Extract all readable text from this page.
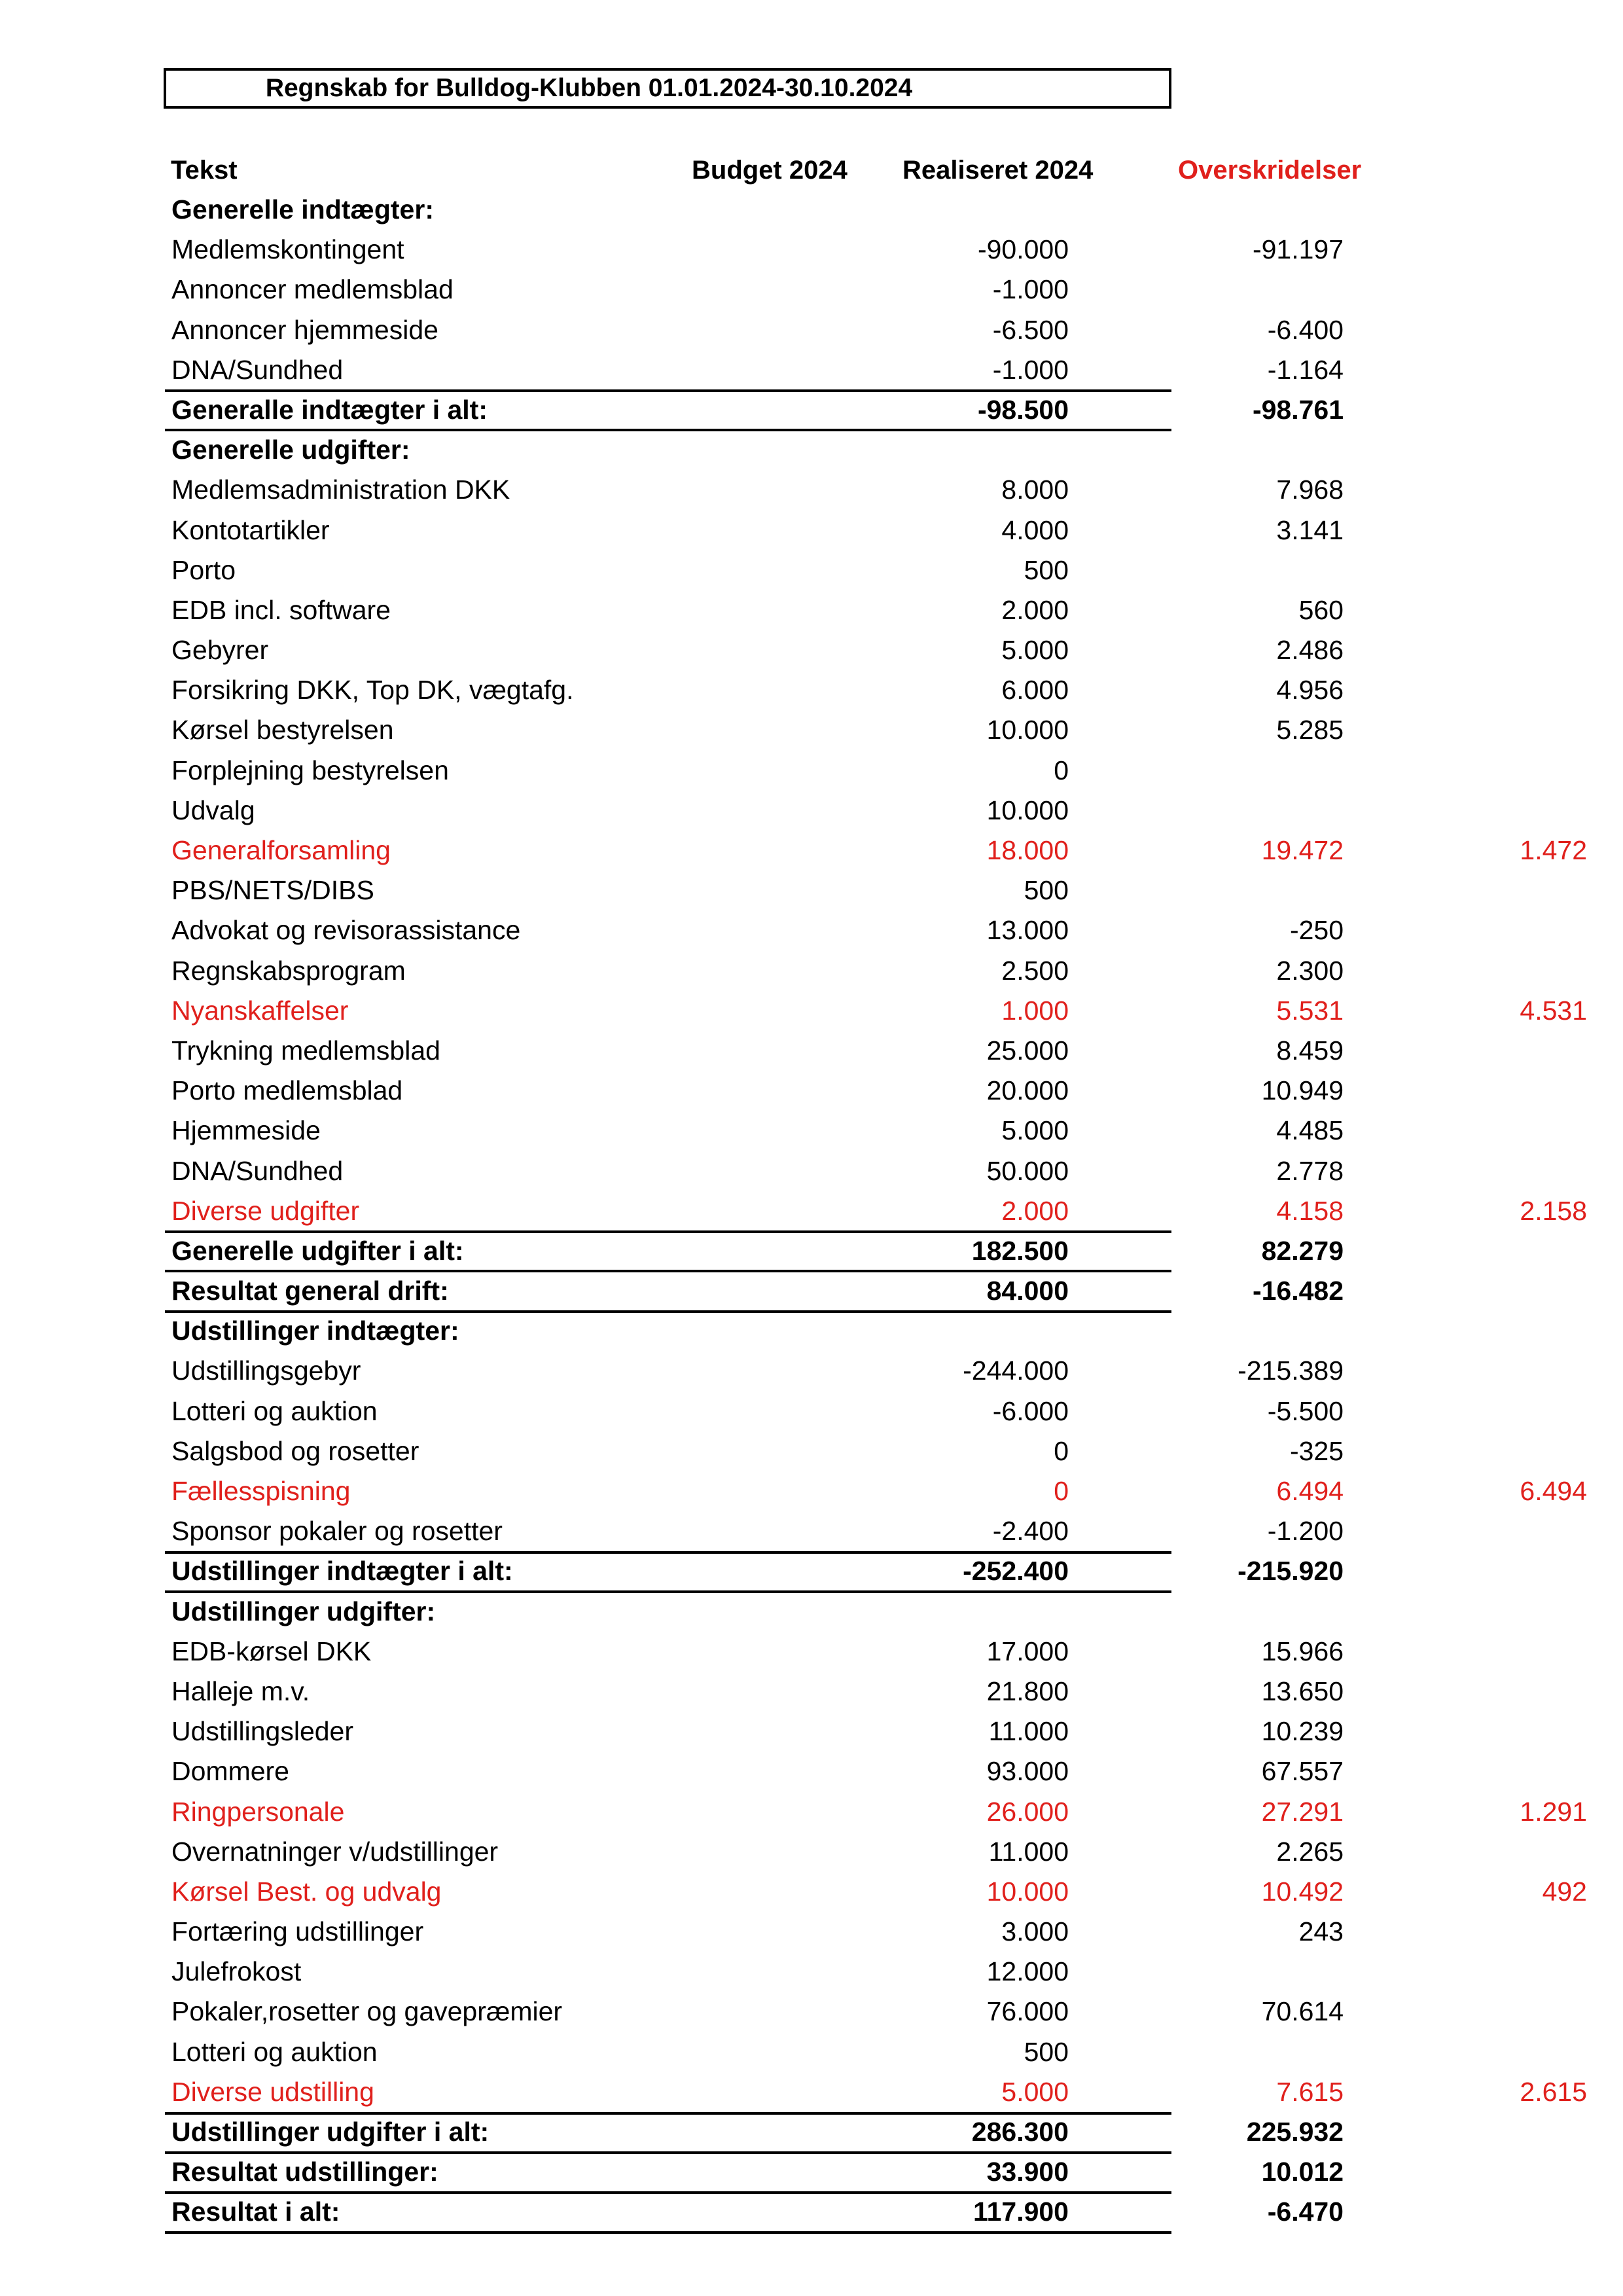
Regnskab for Bulldog-Klubben 01.01.2024-30.10.2024
Tekst	Budget 2024 Realiseret 2024	Overskridelser
Generelle indtægter:
Medlemskontingent	-90.000	-91.197
Annoncer medlemsblad	-1.000
Annoncer hjemmeside	-6.500	-6.400
DNA/Sundhed	-1.000	-1.164
Generalle indtægter i alt:	-98.500	-98.761
Generelle udgifter:
Medlemsadministration DKK	8.000	7.968
Kontotartikler	4.000	3.141
Porto	500
EDB incl. software	2.000	560
Gebyrer	5.000	2.486
Forsikring DKK, Top DK, vægtafg.	6.000	4.956
Kørsel bestyrelsen	10.000	5.285
Forplejning bestyrelsen	0
Udvalg	10.000
Generalforsamling	18.000	19.472	1.472
PBS/NETS/DIBS	500
Advokat og revisorassistance	13.000	-250
Regnskabsprogram	2.500	2.300
Nyanskaffelser	1.000	5.531	4.531
Trykning medlemsblad	25.000	8.459
Porto medlemsblad	20.000	10.949
Hjemmeside	5.000	4.485
DNA/Sundhed	50.000	2.778
Diverse udgifter	2.000	4.158	2.158
Generelle udgifter i alt:	182.500	82.279
Resultat general drift:	84.000	-16.482
Udstillinger indtægter:
Udstillingsgebyr	-244.000	-215.389
Lotteri og auktion	-6.000	-5.500
Salgsbod og rosetter	0	-325
Fællesspisning	0	6.494	6.494
Sponsor pokaler og rosetter	-2.400	-1.200
Udstillinger indtægter i alt:	-252.400	-215.920
Udstillinger udgifter:
EDB-kørsel DKK	17.000	15.966
Halleje m.v.	21.800	13.650
Udstillingsleder	11.000	10.239
Dommere	93.000	67.557
Ringpersonale	26.000	27.291	1.291
Overnatninger v/udstillinger	11.000	2.265
Kørsel Best. og udvalg	10.000	10.492	492
Fortæring udstillinger	3.000	243
Julefrokost	12.000
Pokaler,rosetter og gavepræmier	76.000	70.614
Lotteri og auktion	500
Diverse udstilling	5.000	7.615	2.615
Udstillinger udgifter i alt:	286.300	225.932
Resultat udstillinger:	33.900	10.012
Resultat i alt:	117.900	-6.470
